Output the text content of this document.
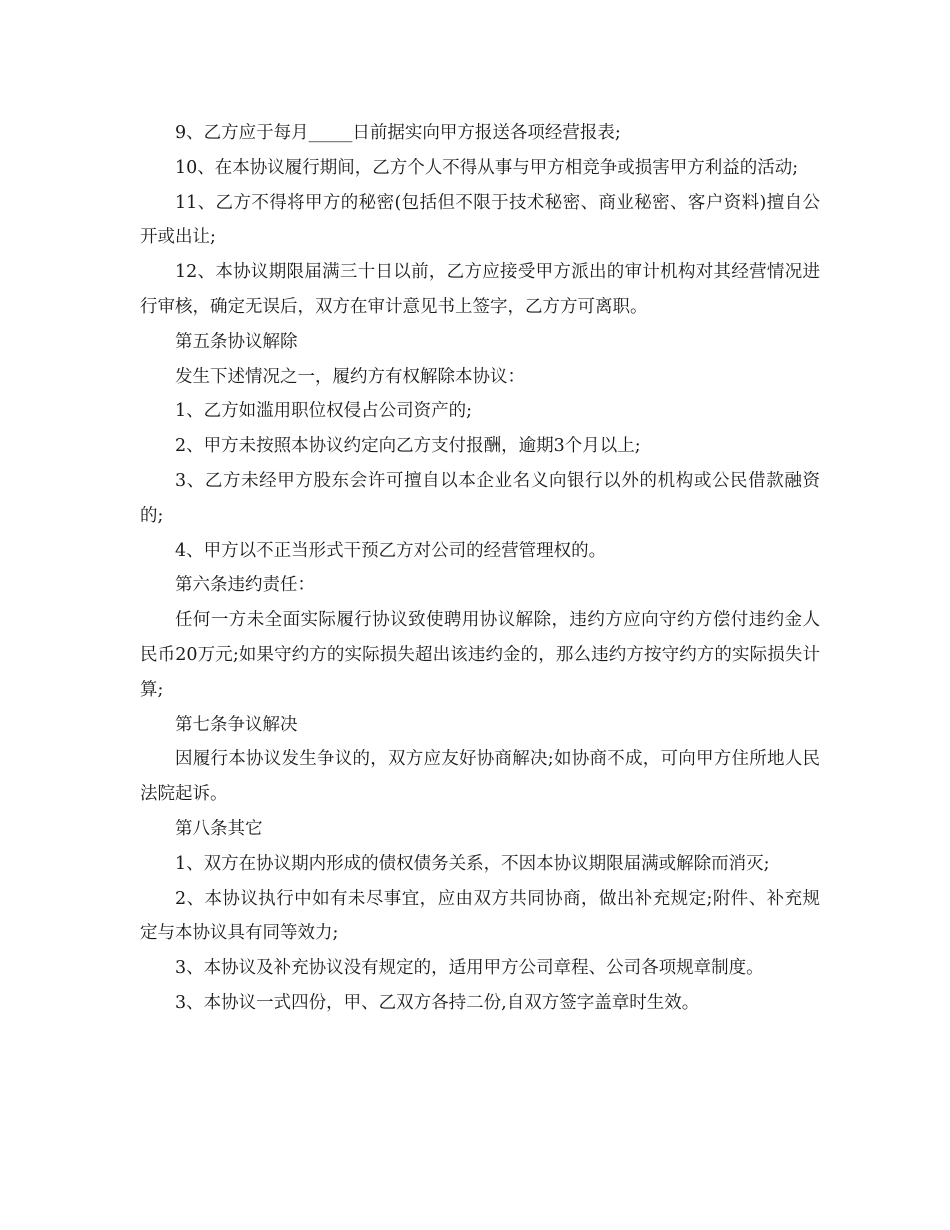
9、乙方应于每月_____日前据实向甲方报送各项经营报表;

10、在本协议履行期间，乙方个人不得从事与甲方相竞争或损害甲方利益的活动;

11、乙方不得将甲方的秘密(包括但不限于技术秘密、商业秘密、客户资料)擅自公开或出让;

12、本协议期限届满三十日以前，乙方应接受甲方派出的审计机构对其经营情况进行审核，确定无误后，双方在审计意见书上签字，乙方方可离职。

第五条协议解除

发生下述情况之一，履约方有权解除本协议：

1、乙方如滥用职位权侵占公司资产的;

2、甲方未按照本协议约定向乙方支付报酬，逾期3个月以上;

3、乙方未经甲方股东会许可擅自以本企业名义向银行以外的机构或公民借款融资的;

4、甲方以不正当形式干预乙方对公司的经营管理权的。

第六条违约责任：

任何一方未全面实际履行协议致使聘用协议解除，违约方应向守约方偿付违约金人民币20万元;如果守约方的实际损失超出该违约金的，那么违约方按守约方的实际损失计算;

第七条争议解决

因履行本协议发生争议的，双方应友好协商解决;如协商不成，可向甲方住所地人民法院起诉。

第八条其它

1、双方在协议期内形成的债权债务关系，不因本协议期限届满或解除而消灭;

2、本协议执行中如有未尽事宜，应由双方共同协商，做出补充规定;附件、补充规定与本协议具有同等效力;

3、本协议及补充协议没有规定的，适用甲方公司章程、公司各项规章制度。

3、本协议一式四份，甲、乙双方各持二份,自双方签字盖章时生效。
